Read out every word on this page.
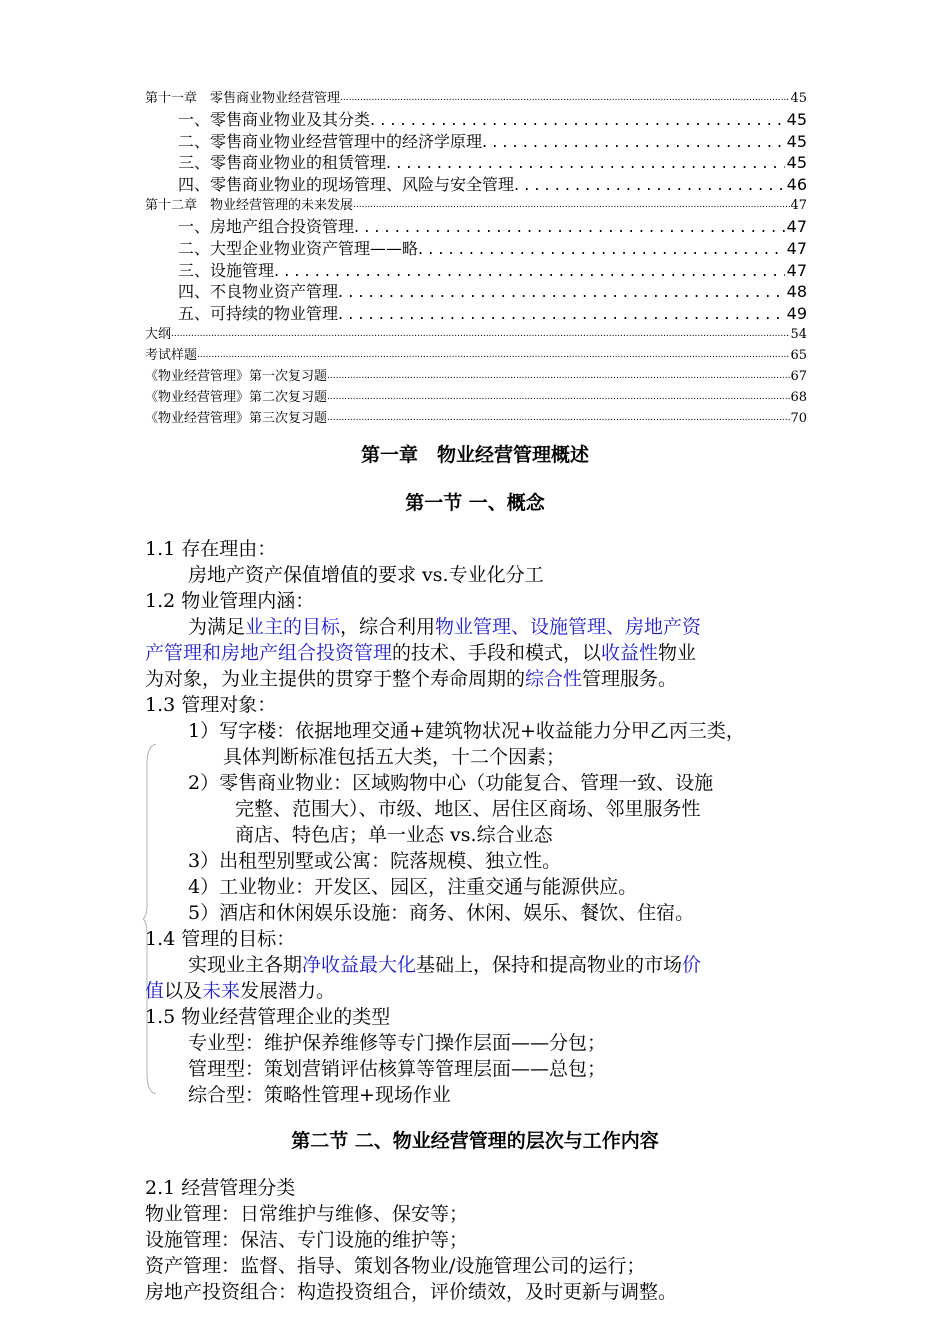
第十一章　零售商业物业经营管理 .....	45
一、零售商业物业及其分类 . . .	45
二、零售商业物业经营管理中的经济学原理 . . .	45
三、零售商业物业的租赁管理 . . .	45
四、零售商业物业的现场管理、风险与安全管理 . . .	46
第十二章　物业经营管理的未来发展 .....	47
一、房地产组合投资管理 . . .	47
二、大型企业物业资产管理——略 . . .	47
三、设施管理 . . .	47
四、不良物业资产管理 . . .	48
五、可持续的物业管理 . . .	49
大纲 .....	54
考试样题 .....	65
《物业经营管理》第一次复习题 .....	67
《物业经营管理》第二次复习题 .....	68
《物业经营管理》第三次复习题 .....	70
第一章　物业经营管理概述
第一节 一、概念
1.1 存在理由：
房地产资产保值增值的要求 vs.专业化分工
1.2 物业管理内涵：
为满足业主的目标，综合利用物业管理、设施管理、房地产资
产管理和房地产组合投资管理的技术、手段和模式，以收益性物业
为对象，为业主提供的贯穿于整个寿命周期的综合性管理服务。
1.3 管理对象：
1）写字楼：依据地理交通+建筑物状况+收益能力分甲乙丙三类，
具体判断标准包括五大类，十二个因素；
2）零售商业物业：区域购物中心（功能复合、管理一致、设施
完整、范围大）、市级、地区、居住区商场、邻里服务性
商店、特色店；单一业态 vs.综合业态
3）出租型别墅或公寓：院落规模、独立性。
4）工业物业：开发区、园区，注重交通与能源供应。
5）酒店和休闲娱乐设施：商务、休闲、娱乐、餐饮、住宿。
1.4 管理的目标：
实现业主各期净收益最大化基础上，保持和提高物业的市场价
值以及未来发展潜力。
1.5 物业经营管理企业的类型
专业型：维护保养维修等专门操作层面——分包；
管理型：策划营销评估核算等管理层面——总包；
综合型：策略性管理+现场作业
第二节 二、物业经营管理的层次与工作内容
2.1 经营管理分类
物业管理：日常维护与维修、保安等；
设施管理：保洁、专门设施的维护等；
资产管理：监督、指导、策划各物业/设施管理公司的运行；
房地产投资组合：构造投资组合，评价绩效，及时更新与调整。
